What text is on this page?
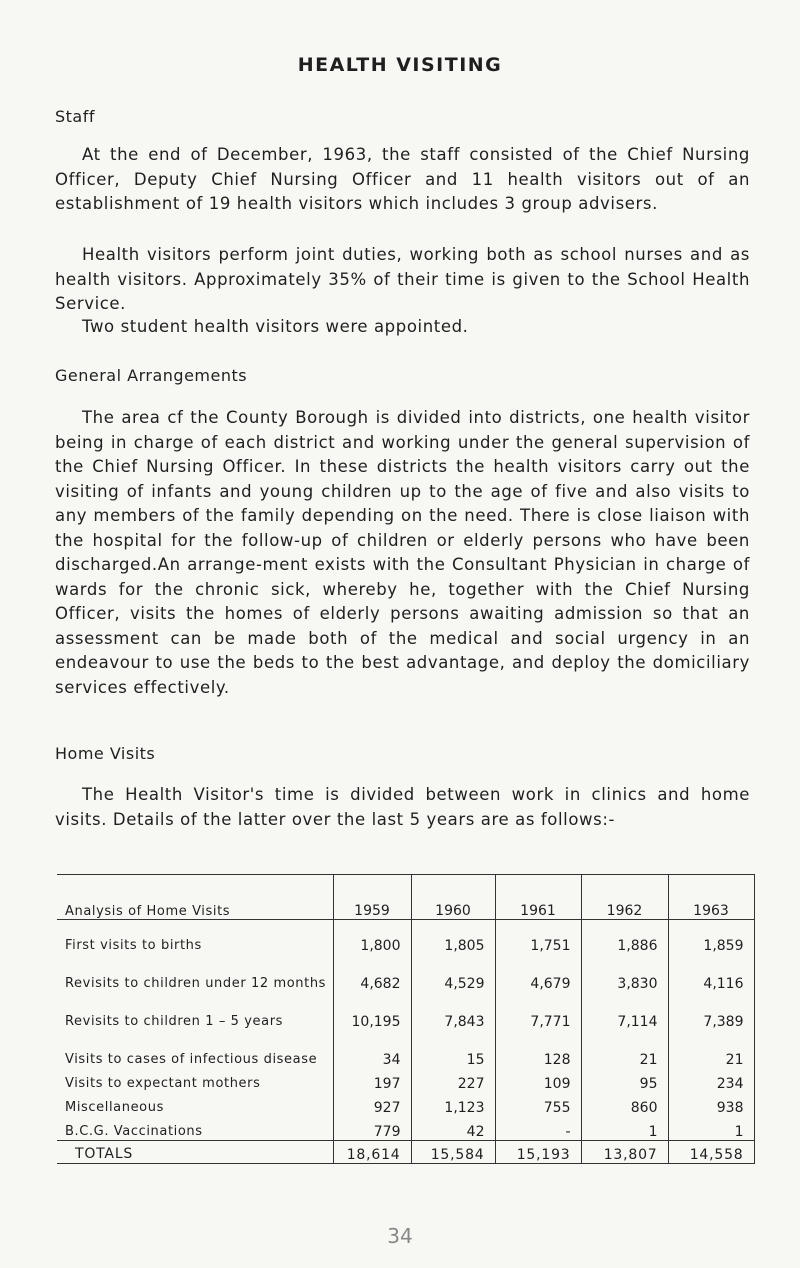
HEALTH VISITING
Staff

At the end of December, 1963, the staff consisted of the Chief Nursing Officer, Deputy Chief Nursing Officer and 11 health visitors out of an establishment of 19 health visitors which includes 3 group advisers.

Health visitors perform joint duties, working both as school nurses and as health visitors. Approximately 35% of their time is given to the School Health Service.

Two student health visitors were appointed.

General Arrangements

The area cf the County Borough is divided into districts, one health visitor being in charge of each district and working under the general supervision of the Chief Nursing Officer. In these districts the health visitors carry out the visiting of infants and young children up to the age of five and also visits to any members of the family depending on the need. There is close liaison with the hospital for the follow-up of children or elderly persons who have been discharged.An arrange-ment exists with the Consultant Physician in charge of wards for the chronic sick, whereby he, together with the Chief Nursing Officer, visits the homes of elderly persons awaiting admission so that an assessment can be made both of the medical and social urgency in an endeavour to use the beds to the best advantage, and deploy the domiciliary services effectively.

Home Visits

The Health Visitor's time is divided between work in clinics and home visits. Details of the latter over the last 5 years are as follows:-

Analysis of Home Visits	1959	1960	1961	1962	1963
First visits to births	1,800	1,805	1,751	1,886	1,859
Revisits to children under 12 months	4,682	4,529	4,679	3,830	4,116
Revisits to children 1 – 5 years	10,195	7,843	7,771	7,114	7,389
Visits to cases of infectious disease	34	15	128	21	21
Visits to expectant mothers	197	227	109	95	234
Miscellaneous	927	1,123	755	860	938
B.C.G. Vaccinations	779	42	-	1	1
TOTALS	18,614	15,584	15,193	13,807	14,558
34
